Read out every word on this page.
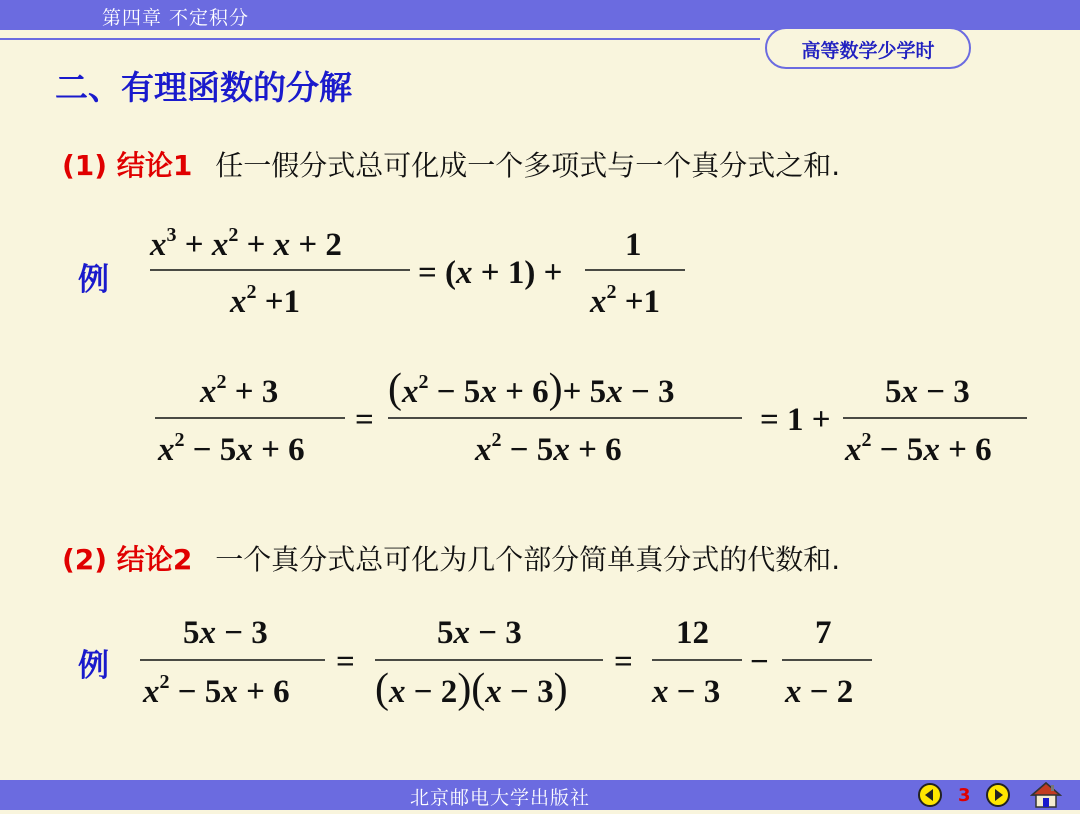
第四章 不定积分
高等数学少学时
二、有理函数的分解
(1) 结论1 任一假分式总可化成一个多项式与一个真分式之和.
例
(2) 结论2 一个真分式总可化为几个部分简单真分式的代数和.
例
$x^3 + x^2 + x + 2$
$x^2 +1$
= (x + 1) +
1
$x^2 +1$
$x^2 + 3$
$x^2 - 5x + 6$
=
$(x^2 - 5x + 6)+ 5x - 3$
$x^2 - 5x + 6$
= 1 +
5x − 3
$x^2 - 5x + 6$
5x − 3
$x^2 - 5x + 6$
=
5x − 3
(x − 2)(x − 3)
=
12
x − 3
−
7
x − 2
北京邮电大学出版社	3
